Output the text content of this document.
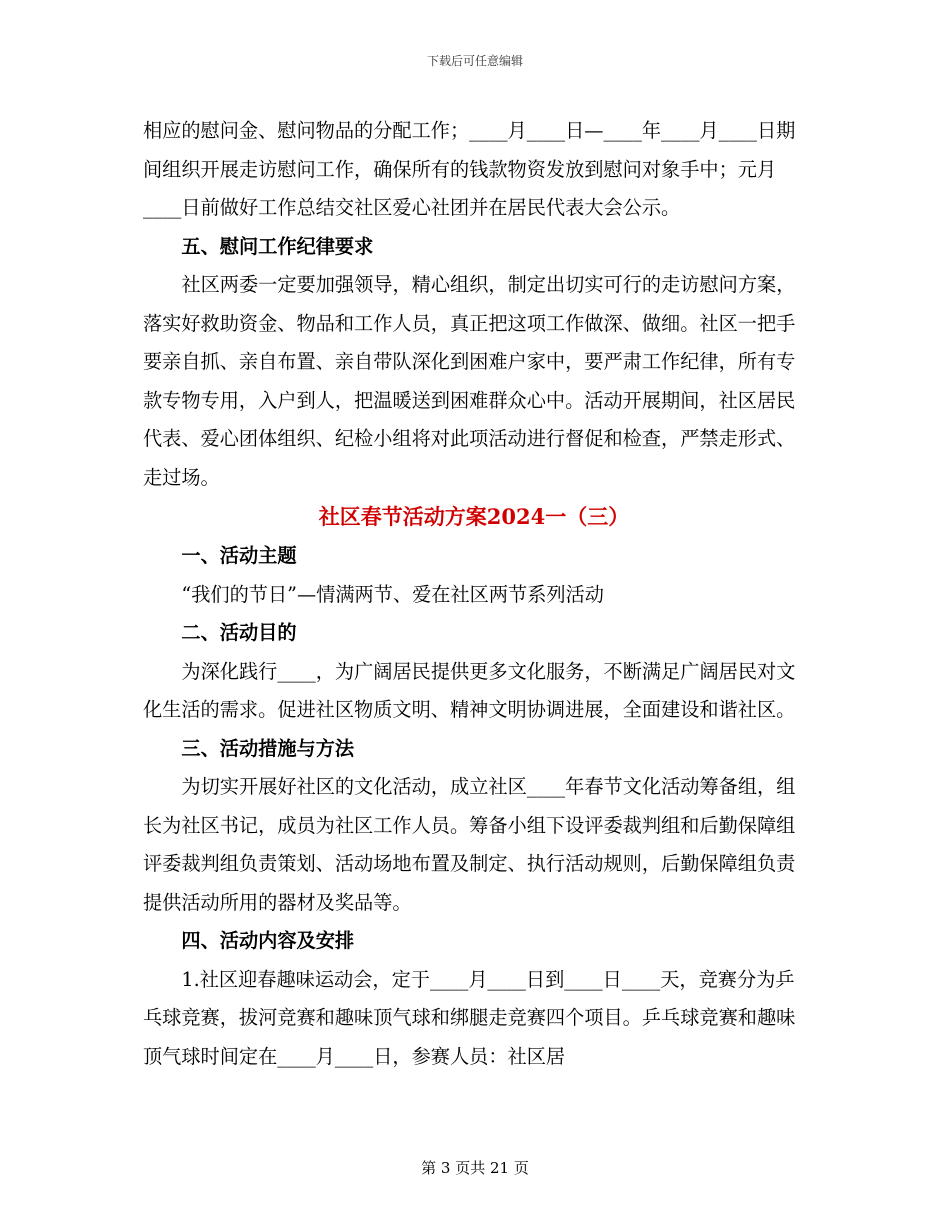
下载后可任意编辑

相应的慰问金、慰问物品的分配工作；____月____日—____年____月____日期间组织开展走访慰问工作，确保所有的钱款物资发放到慰问对象手中；元月____日前做好工作总结交社区爱心社团并在居民代表大会公示。

五、慰问工作纪律要求

社区两委一定要加强领导，精心组织，制定出切实可行的走访慰问方案，落实好救助资金、物品和工作人员，真正把这项工作做深、做细。社区一把手要亲自抓、亲自布置、亲自带队深化到困难户家中，要严肃工作纪律，所有专款专物专用，入户到人，把温暖送到困难群众心中。活动开展期间，社区居民代表、爱心团体组织、纪检小组将对此项活动进行督促和检查，严禁走形式、走过场。

社区春节活动方案2024一（三）

一、活动主题

“我们的节日”—情满两节、爱在社区两节系列活动

二、活动目的

为深化践行____，为广阔居民提供更多文化服务，不断满足广阔居民对文化生活的需求。促进社区物质文明、精神文明协调进展，全面建设和谐社区。

三、活动措施与方法

为切实开展好社区的文化活动，成立社区____年春节文化活动筹备组，组长为社区书记，成员为社区工作人员。筹备小组下设评委裁判组和后勤保障组评委裁判组负责策划、活动场地布置及制定、执行活动规则，后勤保障组负责提供活动所用的器材及奖品等。

四、活动内容及安排

1.社区迎春趣味运动会，定于____月____日到____日____天，竞赛分为乒乓球竞赛，拔河竞赛和趣味顶气球和绑腿走竞赛四个项目。乒乓球竞赛和趣味顶气球时间定在____月____日，参赛人员：社区居

第 3 页共 21 页
